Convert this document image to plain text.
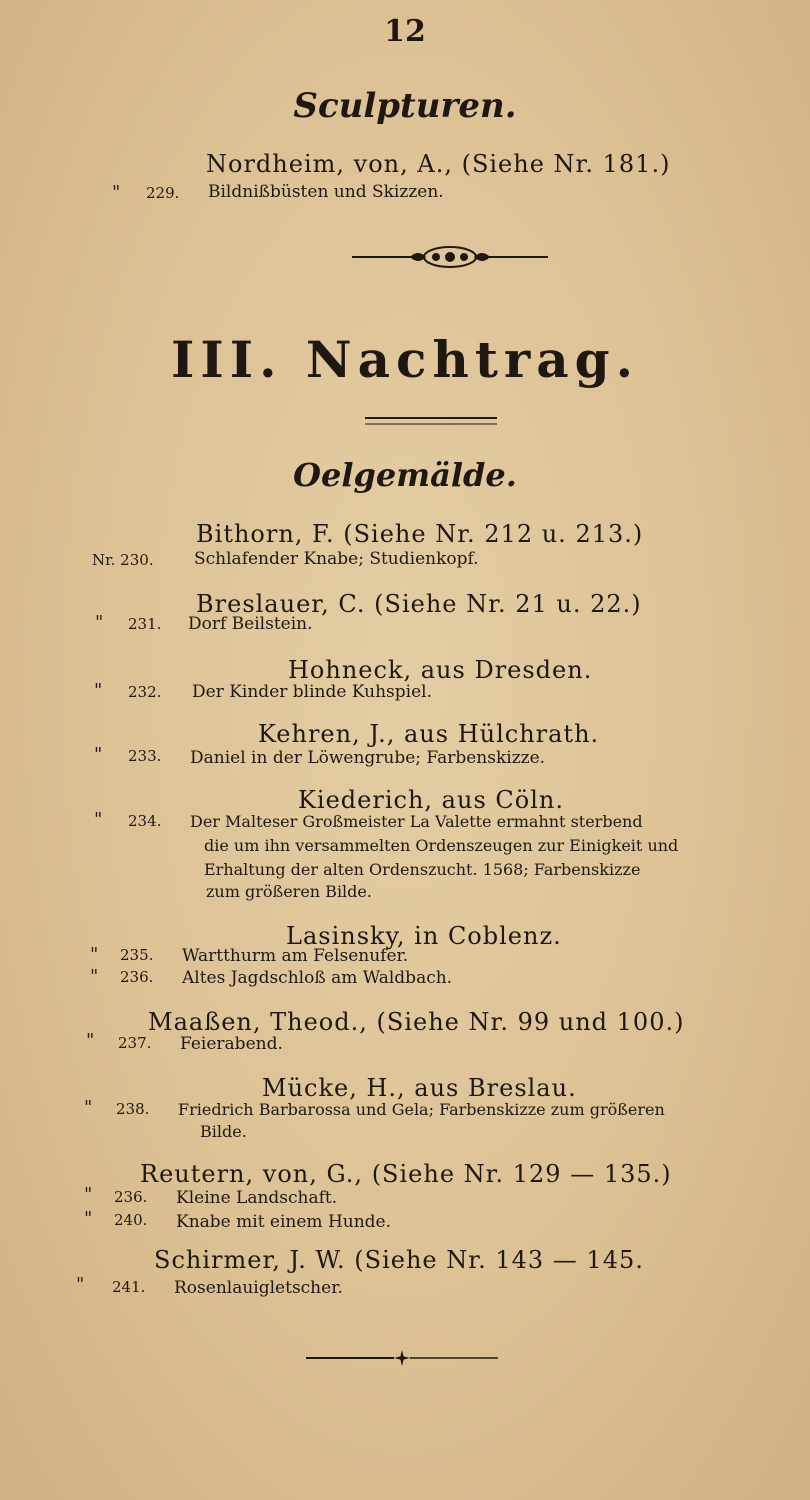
12
Sculpturen.
Nordheim, von, A., (Siehe Nr. 181.)
" 229. Bildnißbüsten und Skizzen.
III. Nachtrag.
Oelgemälde.
Bithorn, F. (Siehe Nr. 212 u. 213.)
Nr. 230. Schlafender Knabe; Studienkopf.
Breslauer, C. (Siehe Nr. 21 u. 22.)
" 231. Dorf Beilstein.
Hohneck, aus Dresden.
" 232. Der Kinder blinde Kuhspiel.
Kehren, J., aus Hülchrath.
" 233. Daniel in der Löwengrube; Farbenskizze.
Kiederich, aus Cöln.
" 234. Der Malteser Großmeister La Valette ermahnt sterbend
die um ihn versammelten Ordenszeugen zur Einigkeit und
Erhaltung der alten Ordenszucht. 1568; Farbenskizze
zum größeren Bilde.
Lasinsky, in Coblenz.
" 235. Wartthurm am Felsenufer.
" 236. Altes Jagdschloß am Waldbach.
Maaßen, Theod., (Siehe Nr. 99 und 100.)
" 237. Feierabend.
Mücke, H., aus Breslau.
" 238. Friedrich Barbarossa und Gela; Farbenskizze zum größeren
Bilde.
Reutern, von, G., (Siehe Nr. 129 — 135.)
" 236. Kleine Landschaft.
" 240. Knabe mit einem Hunde.
Schirmer, J. W. (Siehe Nr. 143 — 145.
" 241. Rosenlauigletscher.
